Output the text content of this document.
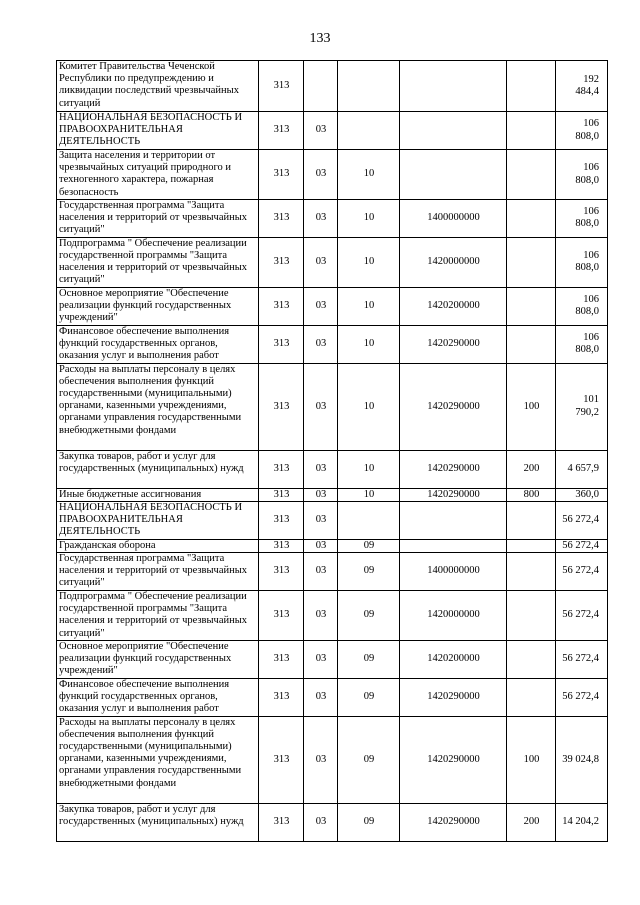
133
Комитет Правительства Чеченской Республики по предупреждению и ликвидации последствий чрезвычайных ситуаций	313					192 484,4
НАЦИОНАЛЬНАЯ БЕЗОПАСНОСТЬ И ПРАВООХРАНИТЕЛЬНАЯ ДЕЯТЕЛЬНОСТЬ	313	03				106 808,0
Защита населения и территории от чрезвычайных ситуаций природного и техногенного характера, пожарная безопасность	313	03	10			106 808,0
Государственная программа "Защита населения и территорий от чрезвычайных ситуаций"	313	03	10	1400000000		106 808,0
Подпрограмма " Обеспечение реализации государственной программы "Защита населения и территорий от чрезвычайных ситуаций"	313	03	10	1420000000		106 808,0
Основное мероприятие "Обеспечение реализации функций государственных учреждений"	313	03	10	1420200000		106 808,0
Финансовое обеспечение выполнения функций государственных органов, оказания услуг и выполнения работ	313	03	10	1420290000		106 808,0
Расходы на выплаты персоналу в целях обеспечения выполнения функций государственными (муниципальными) органами, казенными учреждениями, органами управления государственными внебюджетными фондами	313	03	10	1420290000	100	101 790,2
Закупка товаров, работ и услуг для государственных (муниципальных) нужд	313	03	10	1420290000	200	4 657,9
Иные бюджетные ассигнования	313	03	10	1420290000	800	360,0
НАЦИОНАЛЬНАЯ БЕЗОПАСНОСТЬ И ПРАВООХРАНИТЕЛЬНАЯ ДЕЯТЕЛЬНОСТЬ	313	03				56 272,4
Гражданская оборона	313	03	09			56 272,4
Государственная программа "Защита населения и территорий от чрезвычайных ситуаций"	313	03	09	1400000000		56 272,4
Подпрограмма " Обеспечение реализации государственной программы "Защита населения и территорий от чрезвычайных ситуаций"	313	03	09	1420000000		56 272,4
Основное мероприятие "Обеспечение реализации функций государственных учреждений"	313	03	09	1420200000		56 272,4
Финансовое обеспечение выполнения функций государственных органов, оказания услуг и выполнения работ	313	03	09	1420290000		56 272,4
Расходы на выплаты персоналу в целях обеспечения выполнения функций государственными (муниципальными) органами, казенными учреждениями, органами управления государственными внебюджетными фондами	313	03	09	1420290000	100	39 024,8
Закупка товаров, работ и услуг для государственных (муниципальных) нужд	313	03	09	1420290000	200	14 204,2
